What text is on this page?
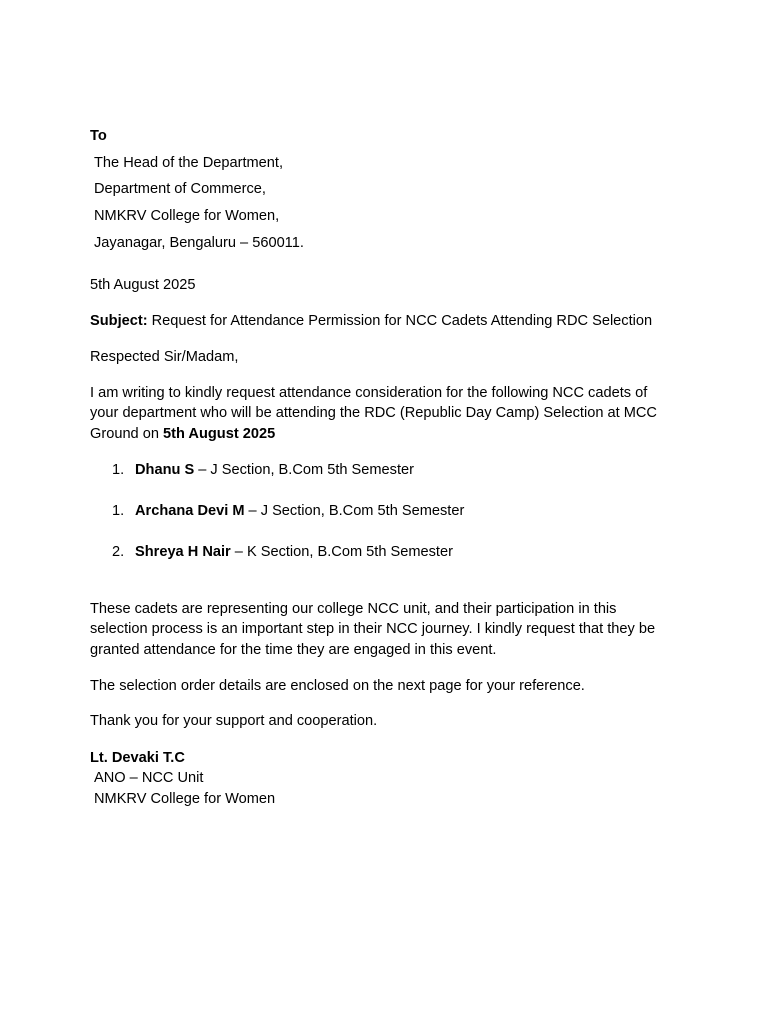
To
The Head of the Department,
Department of Commerce,
NMKRV College for Women,
Jayanagar, Bengaluru – 560011.
5th August 2025
Subject: Request for Attendance Permission for NCC Cadets Attending RDC Selection
Respected Sir/Madam,
I am writing to kindly request attendance consideration for the following NCC cadets of
your department who will be attending the RDC (Republic Day Camp) Selection at MCC
Ground on 5th August 2025
1. Dhanu S – J Section, B.Com 5th Semester
1. Archana Devi M – J Section, B.Com 5th Semester
2. Shreya H Nair – K Section, B.Com 5th Semester
These cadets are representing our college NCC unit, and their participation in this
selection process is an important step in their NCC journey. I kindly request that they be
granted attendance for the time they are engaged in this event.
The selection order details are enclosed on the next page for your reference.
Thank you for your support and cooperation.
Lt. Devaki T.C
ANO – NCC Unit
NMKRV College for Women
